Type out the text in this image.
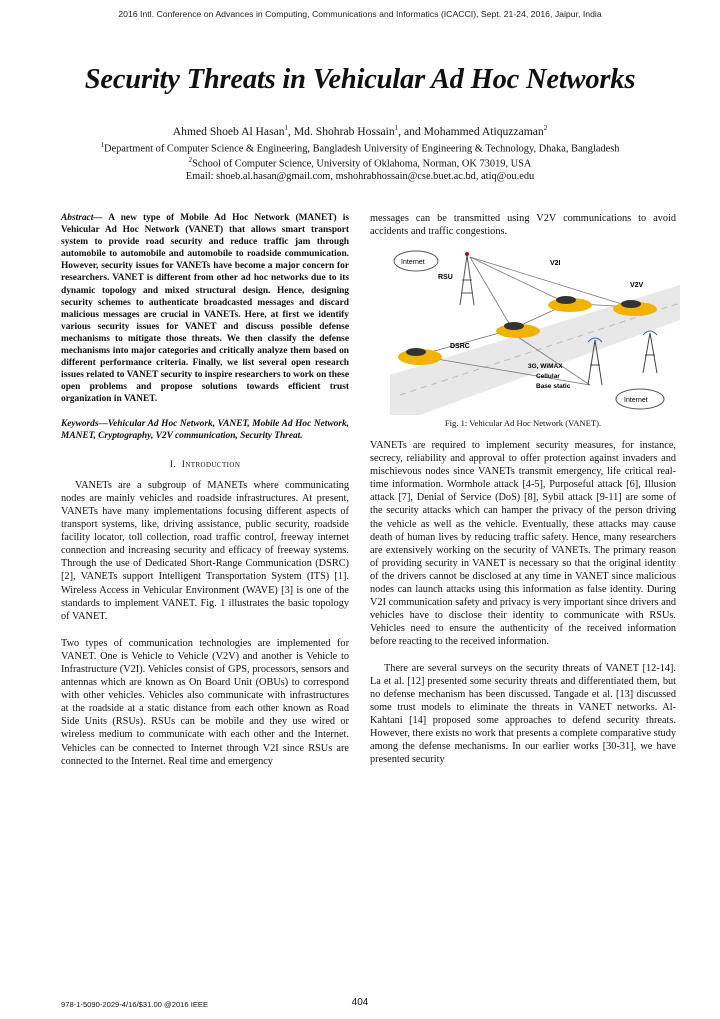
2016 Intl. Conference on Advances in Computing, Communications and Informatics (ICACCI), Sept. 21-24, 2016, Jaipur, India
Security Threats in Vehicular Ad Hoc Networks
Ahmed Shoeb Al Hasan$^1$, Md. Shohrab Hossain$^1$, and Mohammed Atiquzzaman$^2$
$^1$Department of Computer Science & Engineering, Bangladesh University of Engineering & Technology, Dhaka, Bangladesh
$^2$School of Computer Science, University of Oklahoma, Norman, OK 73019, USA
Email: shoeb.al.hasan@gmail.com, mshohrabhossain@cse.buet.ac.bd, atiq@ou.edu

Abstract— A new type of Mobile Ad Hoc Network (MANET) is Vehicular Ad Hoc Network (VANET) that allows smart transport system to provide road security and reduce traffic jam through automobile to automobile and automobile to roadside communication. However, security issues for VANETs have become a major concern for researchers. VANET is different from other ad hoc networks due to its dynamic topology and mixed structural design. Hence, designing security schemes to authenticate broadcasted messages and discard malicious messages are crucial in VANETs. Here, at first we identify various security issues for VANET and discuss possible defense mechanisms to mitigate those threats. We then classify the defense mechanisms into major categories and critically analyze them based on different performance criteria. Finally, we list several open research issues related to VANET security to inspire researchers to work on these open problems and propose solutions towards efficient trust organization in VANET.

Keywords—Vehicular Ad Hoc Network, VANET, Mobile Ad Hoc Network, MANET, Cryptography, V2V communication, Security Threat.

I. Introduction

VANETs are a subgroup of MANETs where communicating nodes are mainly vehicles and roadside infrastructures. At present, VANETs have many implementations focusing different aspects of transport systems, like, driving assistance, public security, roadside facility locator, toll collection, road traffic control, freeway internet connection and increasing security and efficacy of freeway systems. Through the use of Dedicated Short-Range Communication (DSRC)[2], VANETs support Intelligent Transportation System (ITS) [1]. Wireless Access in Vehicular Environment (WAVE) [3] is one of the standards to implement VANET. Fig. 1 illustrates the basic topology of VANET.

Two types of communication technologies are implemented for VANET. One is Vehicle to Vehicle (V2V) and another is Vehicle to Infrastructure (V2I). Vehicles consist of GPS, processors, sensors and antennas which are known as On Board Unit (OBUs) to correspond with other vehicles. Vehicles also communicate with infrastructures at the roadside at a static distance from each other known as Road Side Units (RSUs). RSUs can be mobile and they use wired or wireless medium to communicate with each other and the Internet. Vehicles can be connected to Internet through V2I since RSUs are connected to the Internet. Real time and emergency

messages can be transmitted using V2V communications to avoid accidents and traffic congestions.
Internet
RSU
V2I
V2V
DSRC
3G, WiMAX
Cellular
Base static
Internet
Fig. 1: Vehicular Ad Hoc Network (VANET).

VANETs are required to implement security measures, for instance, secrecy, reliability and approval to offer protection against invaders and mischievous nodes since VANETs transmit emergency, life critical real-time information. Wormhole attack [4-5], Purposeful attack [6], Illusion attack [7], Denial of Service (DoS) [8], Sybil attack [9-11] are some of the security attacks which can hamper the privacy of the person driving the vehicle as well as the vehicle. Eventually, these attacks may cause death of human lives by reducing traffic safety. Hence, many researchers are extensively working on the security of VANETs. The primary reason of providing security in VANET is necessary so that the original identity of the drivers cannot be disclosed at any time in VANET since malicious nodes can launch attacks using this information as false identity. During V2I communication safety and privacy is very important since drivers and vehicles have to disclose their identity to communicate with RSUs. Vehicles need to ensure the authenticity of the received information before reacting to the received information.

There are several surveys on the security threats of VANET [12-14]. La et al. [12] presented some security threats and differentiated them, but no defense mechanism has been discussed. Tangade et al. [13] discussed some trust models to eliminate the threats in VANET networks. Al-Kahtani [14] proposed some approaches to defend security threats. However, there exists no work that presents a complete comparative study among the defense mechanisms. In our earlier works [30-31], we have presented security

978-1-5090-2029-4/16/$31.00 @2016 IEEE	404
